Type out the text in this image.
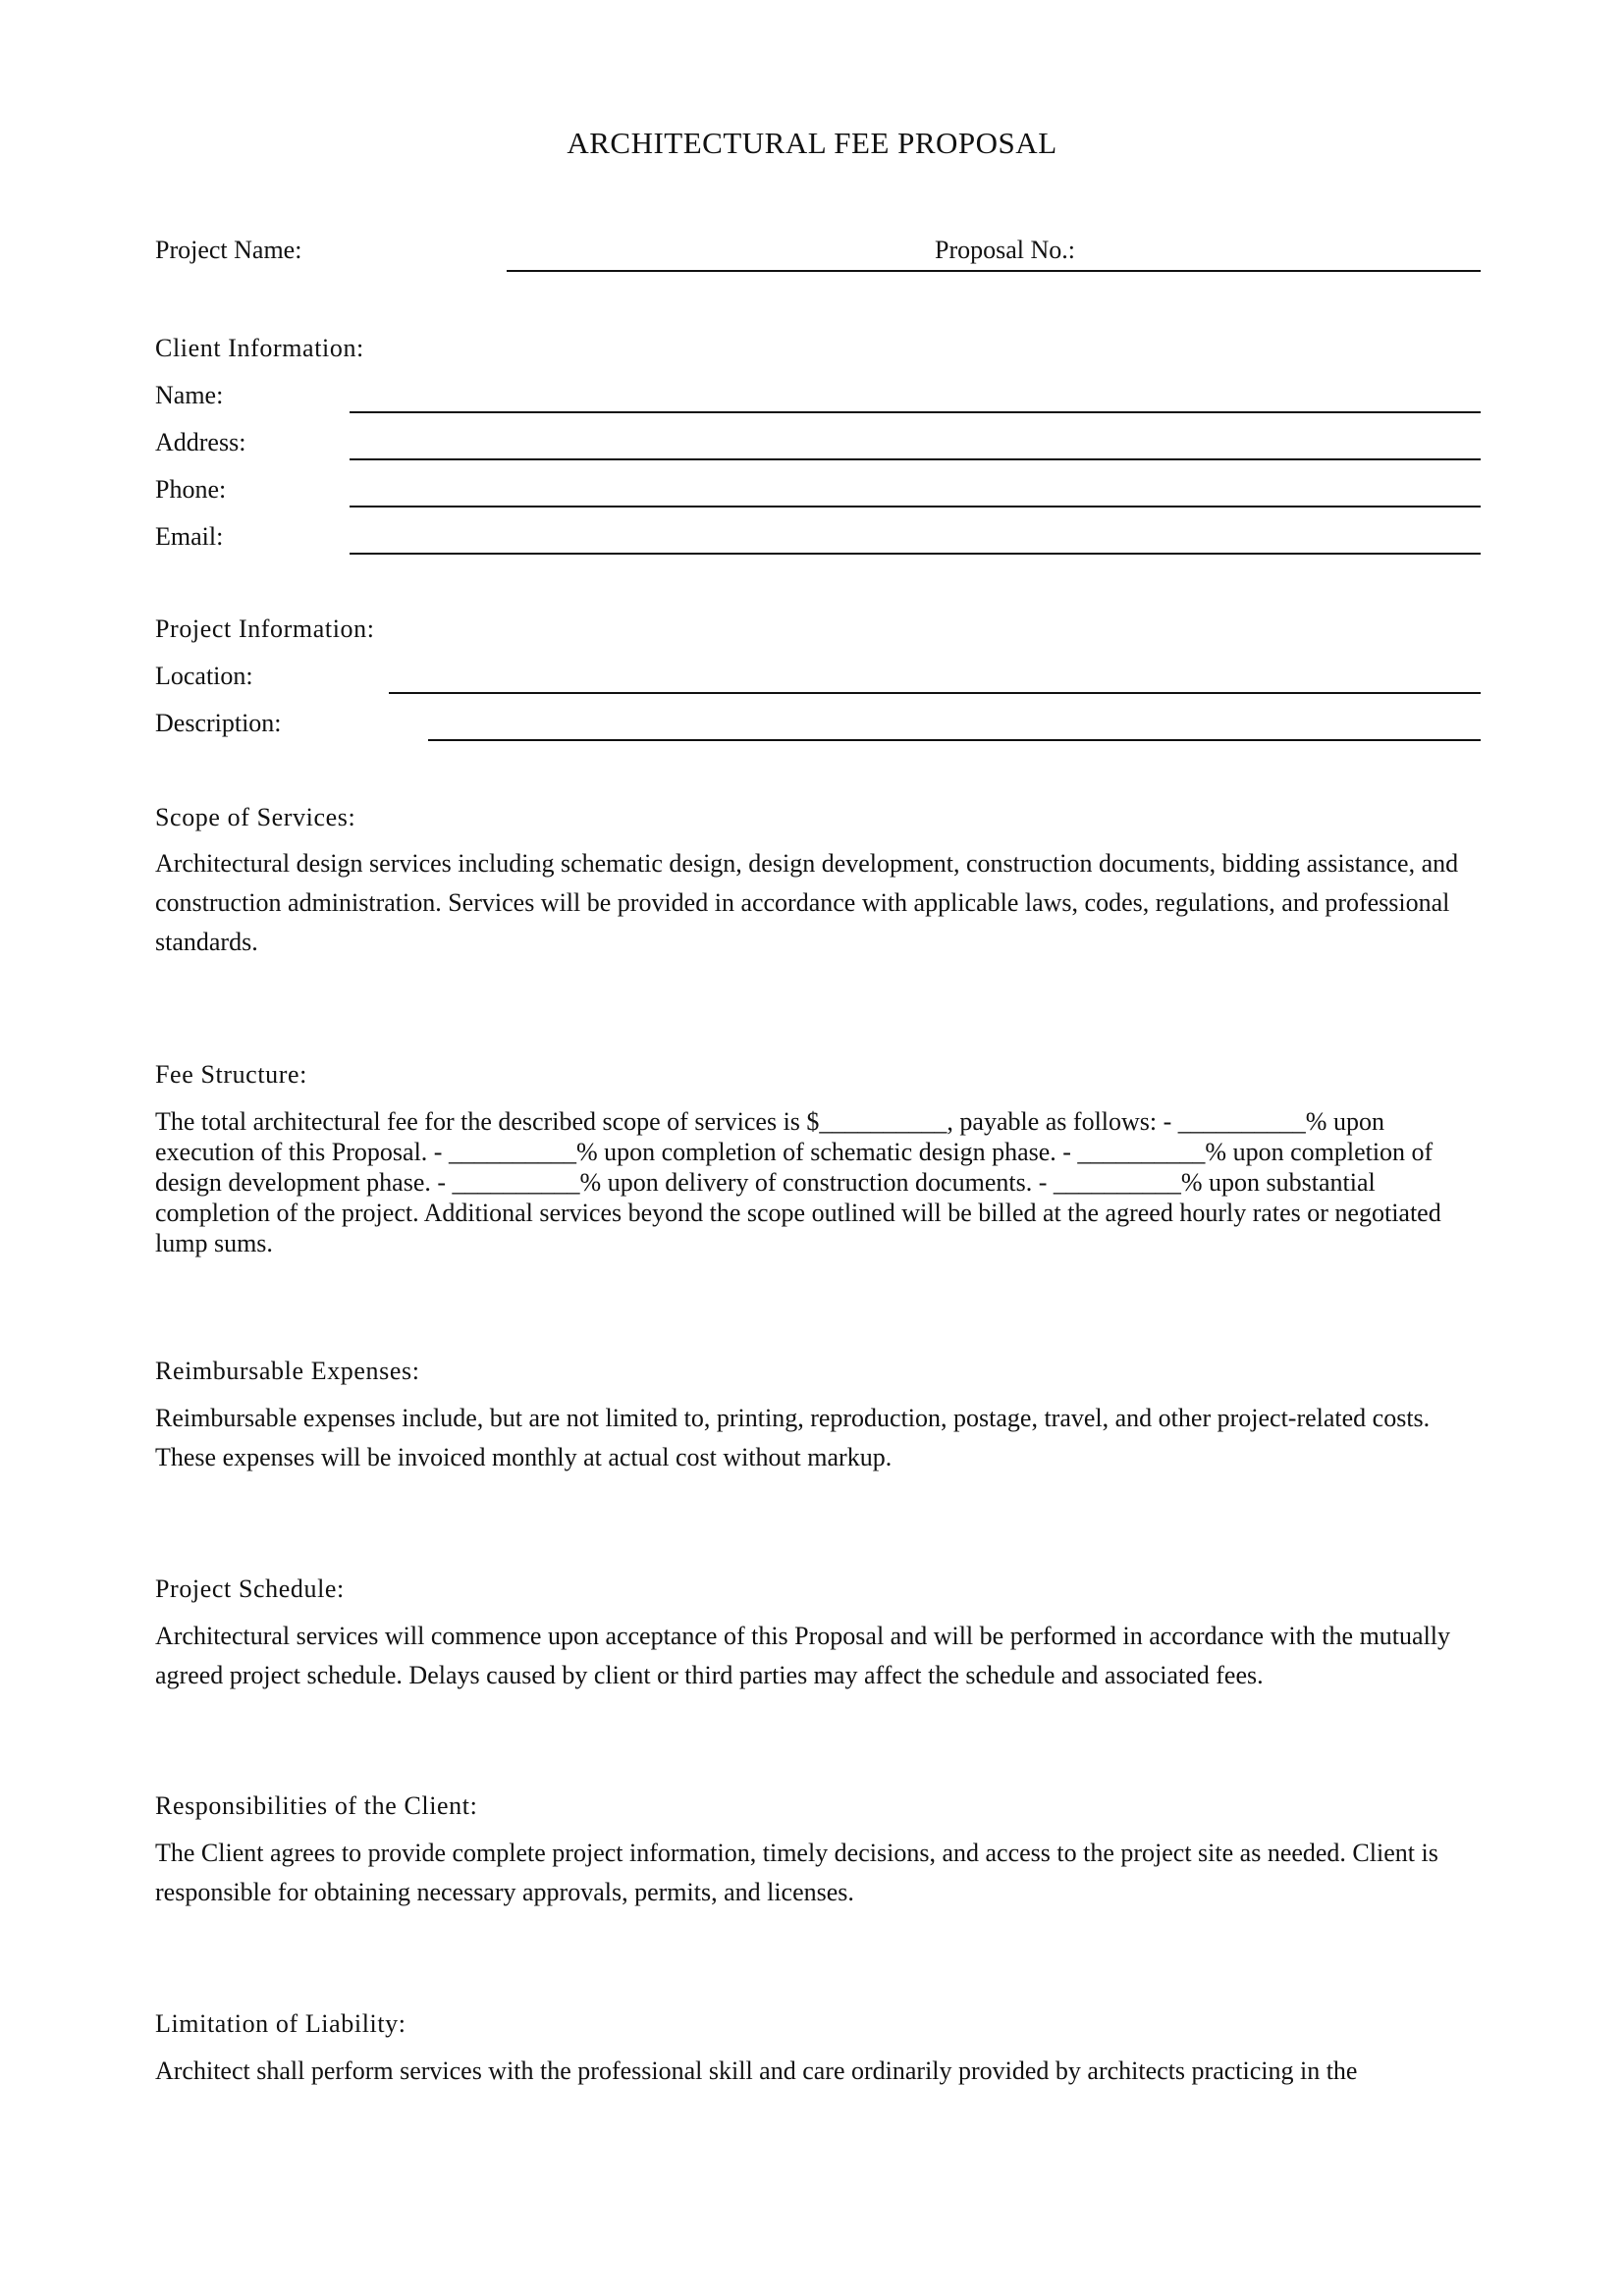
ARCHITECTURAL FEE PROPOSAL
Project Name:	Proposal No.:
Client Information:
Name:
Address:
Phone:
Email:
Project Information:
Location:
Description:
Scope of Services:

Architectural design services including schematic design, design development, construction documents, bidding assistance, and construction administration. Services will be provided in accordance with applicable laws, codes, regulations, and professional standards.

Fee Structure:

The total architectural fee for the described scope of services is $__________, payable as follows: - __________% upon execution of this Proposal. - __________% upon completion of schematic design phase. - __________% upon completion of design development phase. - __________% upon delivery of construction documents. - __________% upon substantial completion of the project. Additional services beyond the scope outlined will be billed at the agreed hourly rates or negotiated lump sums.

Reimbursable Expenses:

Reimbursable expenses include, but are not limited to, printing, reproduction, postage, travel, and other project-related costs. These expenses will be invoiced monthly at actual cost without markup.

Project Schedule:

Architectural services will commence upon acceptance of this Proposal and will be performed in accordance with the mutually agreed project schedule. Delays caused by client or third parties may affect the schedule and associated fees.

Responsibilities of the Client:

The Client agrees to provide complete project information, timely decisions, and access to the project site as needed. Client is responsible for obtaining necessary approvals, permits, and licenses.

Limitation of Liability:

Architect shall perform services with the professional skill and care ordinarily provided by architects practicing in the
